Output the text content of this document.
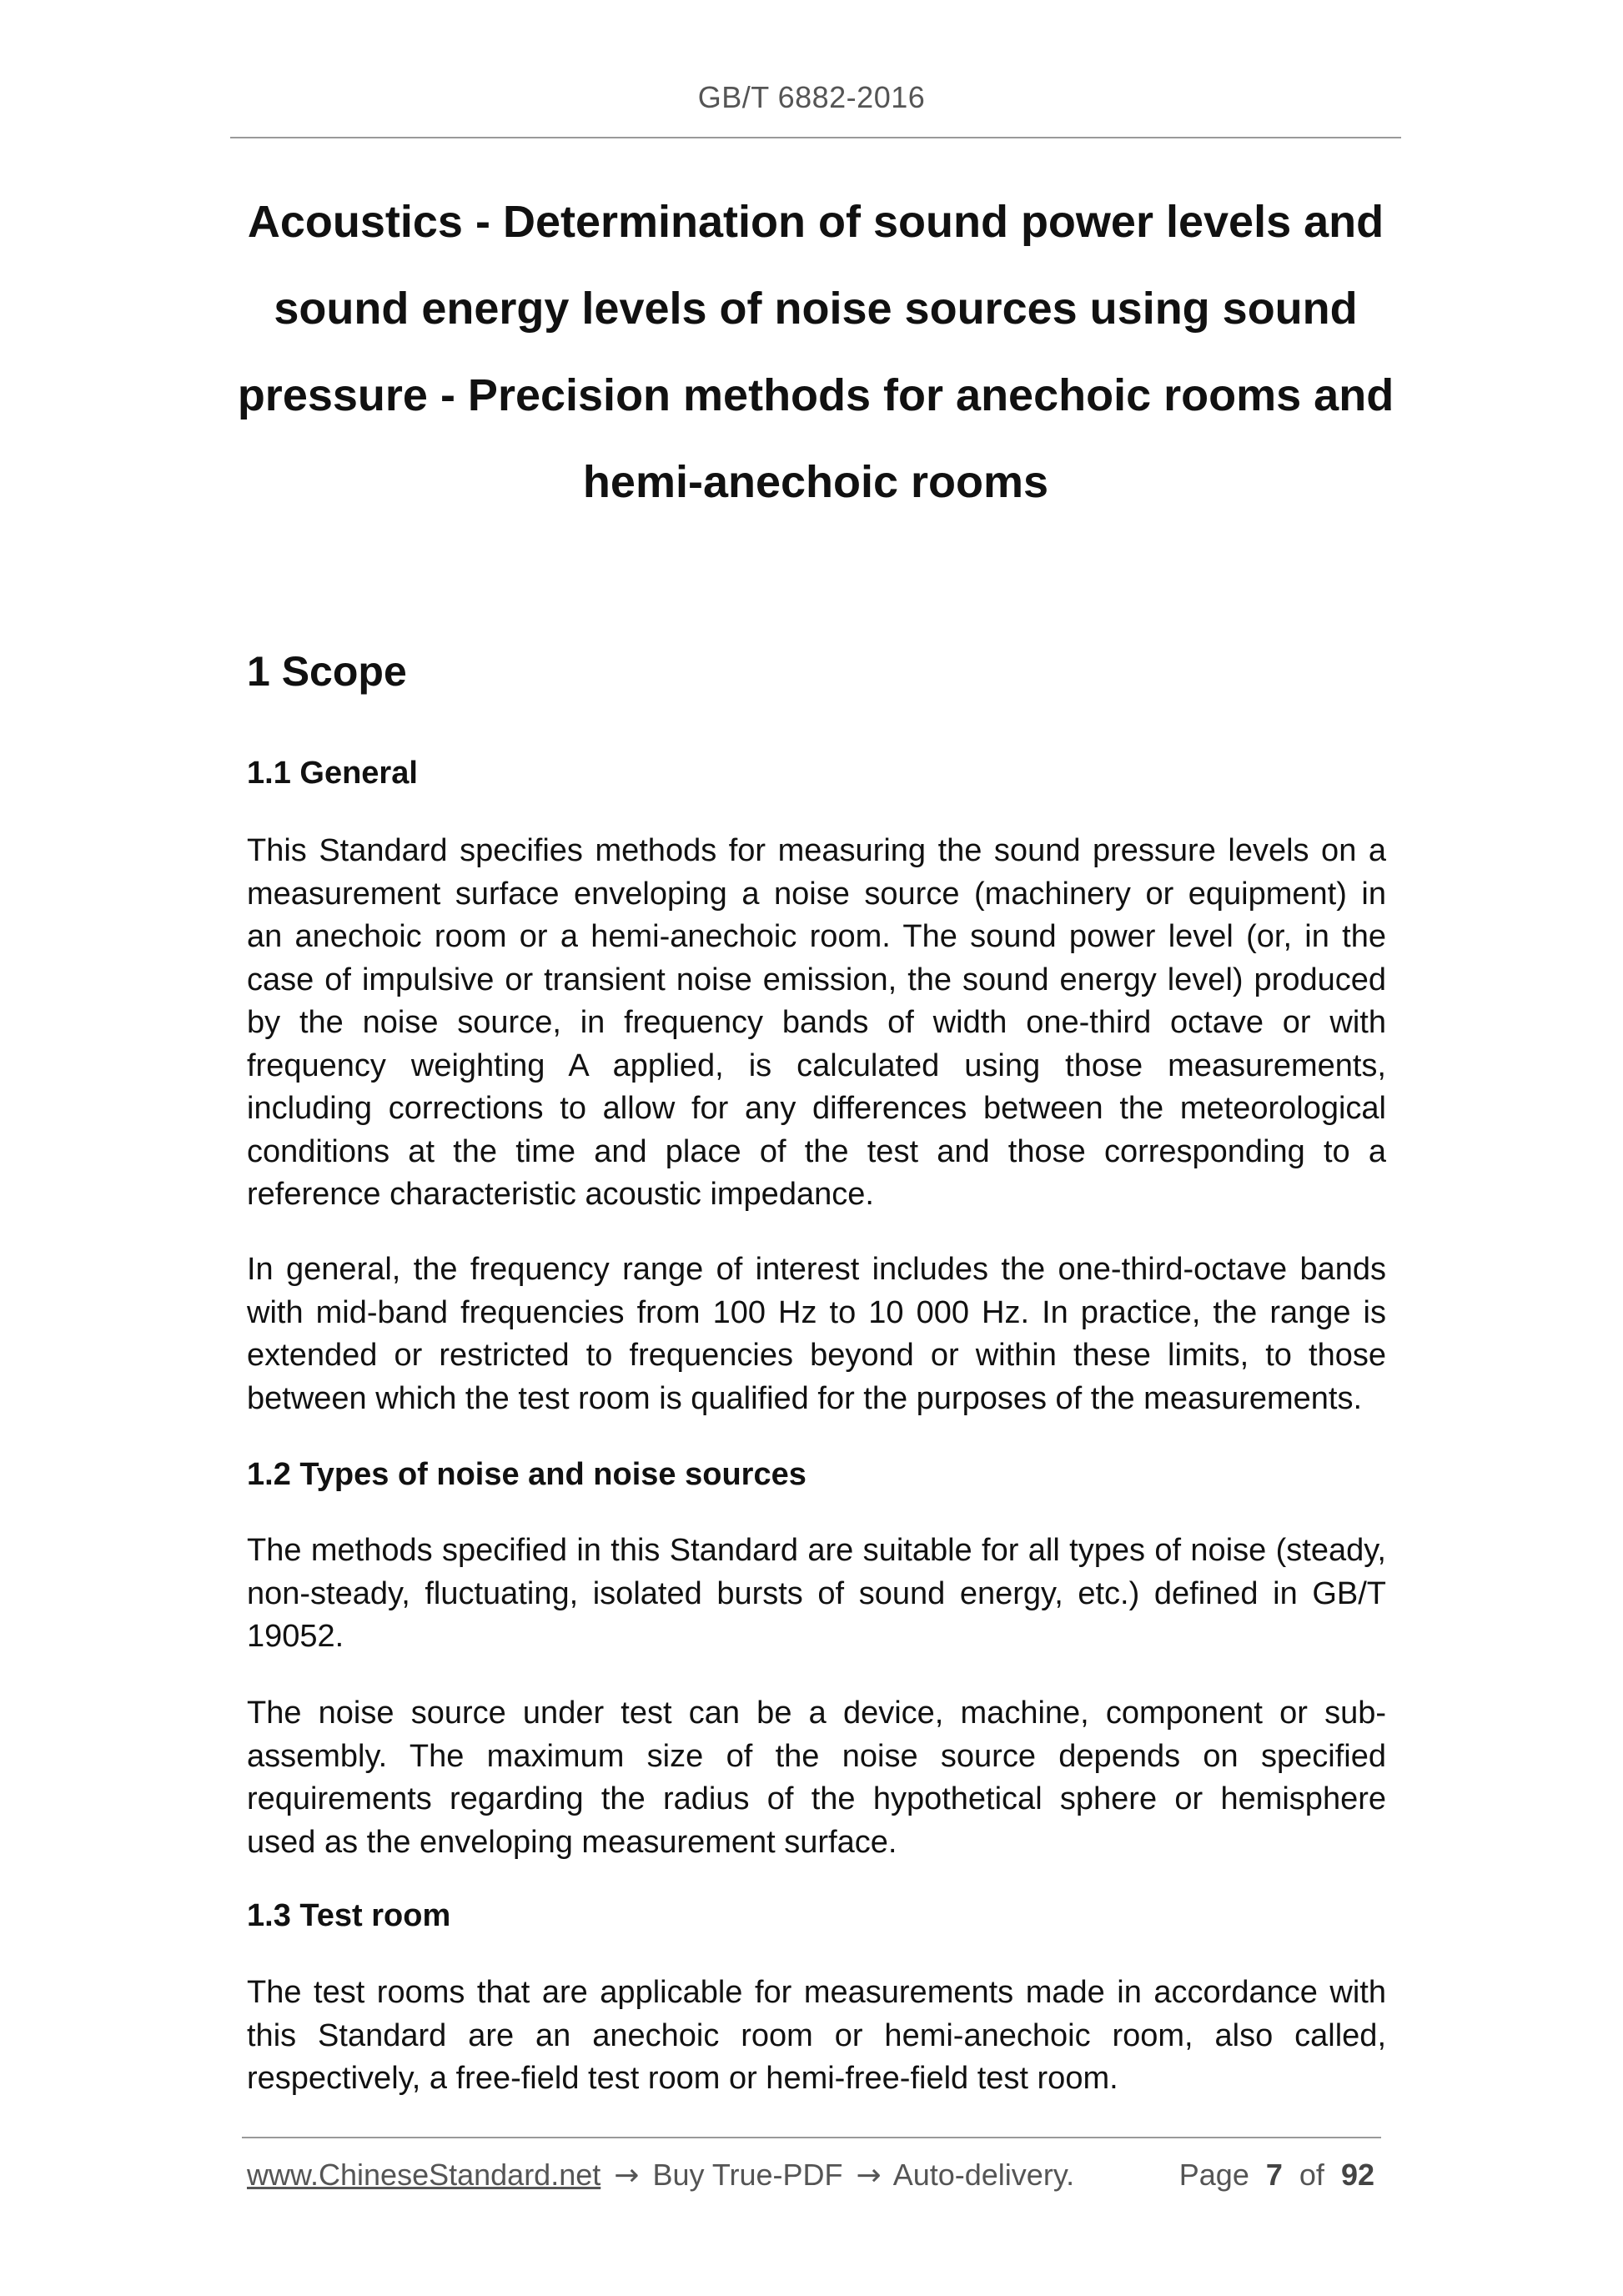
GB/T 6882-2016
Acoustics - Determination of sound power levels and
sound energy levels of noise sources using sound
pressure - Precision methods for anechoic rooms and
hemi-anechoic rooms
1 Scope
1.1 General
This Standard specifies methods for measuring the sound pressure levels on a
measurement surface enveloping a noise source (machinery or equipment) in
an anechoic room or a hemi-anechoic room. The sound power level (or, in the
case of impulsive or transient noise emission, the sound energy level) produced
by the noise source, in frequency bands of width one-third octave or with
frequency weighting A applied, is calculated using those measurements,
including corrections to allow for any differences between the meteorological
conditions at the time and place of the test and those corresponding to a
reference characteristic acoustic impedance.
In general, the frequency range of interest includes the one-third-octave bands
with mid-band frequencies from 100 Hz to 10 000 Hz. In practice, the range is
extended or restricted to frequencies beyond or within these limits, to those
between which the test room is qualified for the purposes of the measurements.
1.2 Types of noise and noise sources
The methods specified in this Standard are suitable for all types of noise (steady,
non-steady, fluctuating, isolated bursts of sound energy, etc.) defined in GB/T
19052.
The noise source under test can be a device, machine, component or sub-
assembly. The maximum size of the noise source depends on specified
requirements regarding the radius of the hypothetical sphere or hemisphere
used as the enveloping measurement surface.
1.3 Test room
The test rooms that are applicable for measurements made in accordance with
this Standard are an anechoic room or hemi-anechoic room, also called,
respectively, a free-field test room or hemi-free-field test room.
www.ChineseStandard.net → Buy True-PDF → Auto-delivery.	Page 7 of 92
